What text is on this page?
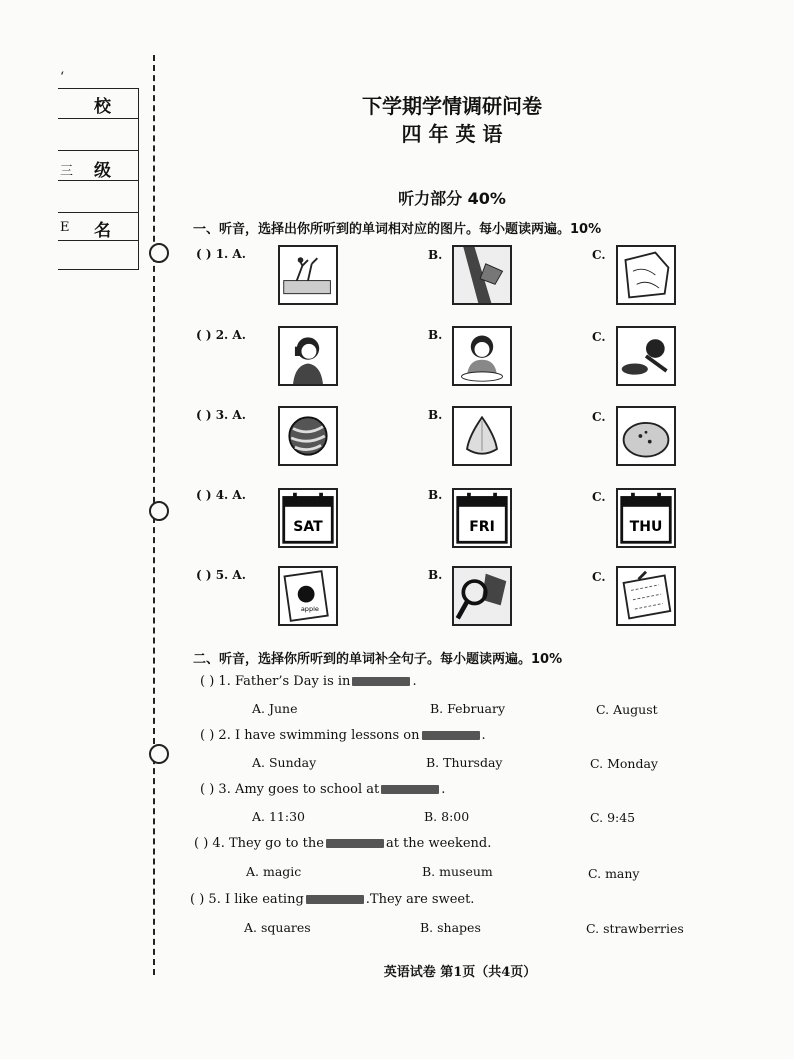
‘
校
级
名
三
E
下学期学情调研问卷
四 年 英 语
听力部分 40%
一、听音，选择出你所听到的单词相对应的图片。每小题读两遍。10%
( ) 1. A.	B.	C.
( ) 2. A.	B.	C.
( ) 3. A.	B.	C.
( ) 4. A.	B.	C.
SAT	FRI	THU
( ) 5. A.	B.	C.
apple
二、听音，选择你所听到的单词补全句子。每小题读两遍。10%
( ) 1. Father’s Day is in	.
A. June	B. February	C. August
( ) 2. I have swimming lessons on	.
A. Sunday	B. Thursday	C. Monday
( ) 3. Amy goes to school at	.
A. 11:30	B. 8:00	C. 9:45
( ) 4. They go to the	at the weekend.
A. magic	B. museum	C. many
( ) 5. I like eating	.They are sweet.
A. squares	B. shapes	C. strawberries
英语试卷 第1页（共4页）
